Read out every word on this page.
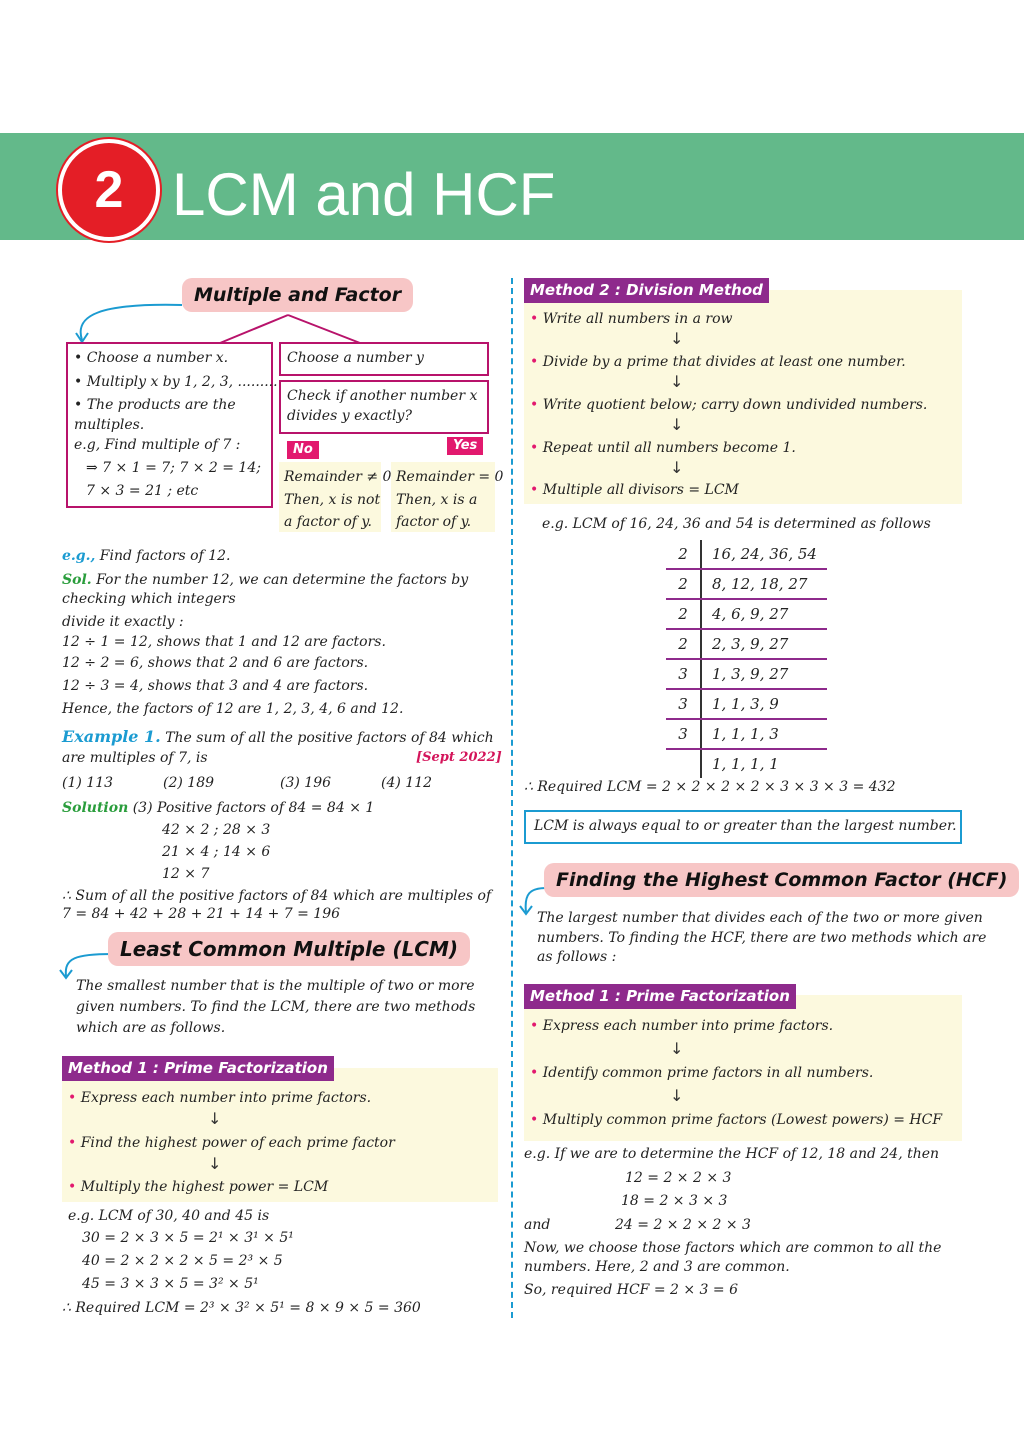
2 LCM and HCF
Multiple and Factor
• Choose a number x.
• Multiply x by 1, 2, 3, .........
• The products are the
multiples.
e.g, Find multiple of 7 :
⇒ 7 × 1 = 7; 7 × 2 = 14;
7 × 3 = 21 ; etc
Choose a number y
Check if another number x
divides y exactly?
No	Yes
Remainder ≠ 0
Then, x is not
a factor of y.
Remainder = 0
Then, x is a
factor of y.
e.g., Find factors of 12.
Sol. For the number 12, we can determine the factors by
checking which integers
divide it exactly :
12 ÷ 1 = 12, shows that 1 and 12 are factors.
12 ÷ 2 = 6, shows that 2 and 6 are factors.
12 ÷ 3 = 4, shows that 3 and 4 are factors.
Hence, the factors of 12 are 1, 2, 3, 4, 6 and 12.
Example 1. The sum of all the positive factors of 84 which
are multiples of 7, is	[Sept 2022]
(1) 113	(2) 189	(3) 196	(4) 112
Solution (3) Positive factors of 84 = 84 × 1
42 × 2 ; 28 × 3
21 × 4 ; 14 × 6
12 × 7
∴ Sum of all the positive factors of 84 which are multiples of
7 = 84 + 42 + 28 + 21 + 14 + 7 = 196
Least Common Multiple (LCM)
The smallest number that is the multiple of two or more
given numbers. To find the LCM, there are two methods
which are as follows.
Method 1 : Prime Factorization
• Express each number into prime factors.
↓
• Find the highest power of each prime factor
↓
• Multiply the highest power = LCM
e.g. LCM of 30, 40 and 45 is
30 = 2 × 3 × 5 = 2¹ × 3¹ × 5¹
40 = 2 × 2 × 2 × 5 = 2³ × 5
45 = 3 × 3 × 5 = 3² × 5¹
∴ Required LCM = 2³ × 3² × 5¹ = 8 × 9 × 5 = 360
Method 2 : Division Method
• Write all numbers in a row
↓
• Divide by a prime that divides at least one number.
↓
• Write quotient below; carry down undivided numbers.
↓
• Repeat until all numbers become 1.
↓
• Multiple all divisors = LCM
e.g. LCM of 16, 24, 36 and 54 is determined as follows
2	16, 24, 36, 54
2	8, 12, 18, 27
2	4, 6, 9, 27
2	2, 3, 9, 27
3	1, 3, 9, 27
3	1, 1, 3, 9
3	1, 1, 1, 3
	1, 1, 1, 1
∴ Required LCM = 2 × 2 × 2 × 2 × 3 × 3 × 3 = 432
LCM is always equal to or greater than the largest number.
Finding the Highest Common Factor (HCF)
The largest number that divides each of the two or more given
numbers. To finding the HCF, there are two methods which are
as follows :
Method 1 : Prime Factorization
• Express each number into prime factors.
↓
• Identify common prime factors in all numbers.
↓
• Multiply common prime factors (Lowest powers) = HCF
e.g. If we are to determine the HCF of 12, 18 and 24, then
12 = 2 × 2 × 3
18 = 2 × 3 × 3
and	24 = 2 × 2 × 2 × 3
Now, we choose those factors which are common to all the
numbers. Here, 2 and 3 are common.
So, required HCF = 2 × 3 = 6
